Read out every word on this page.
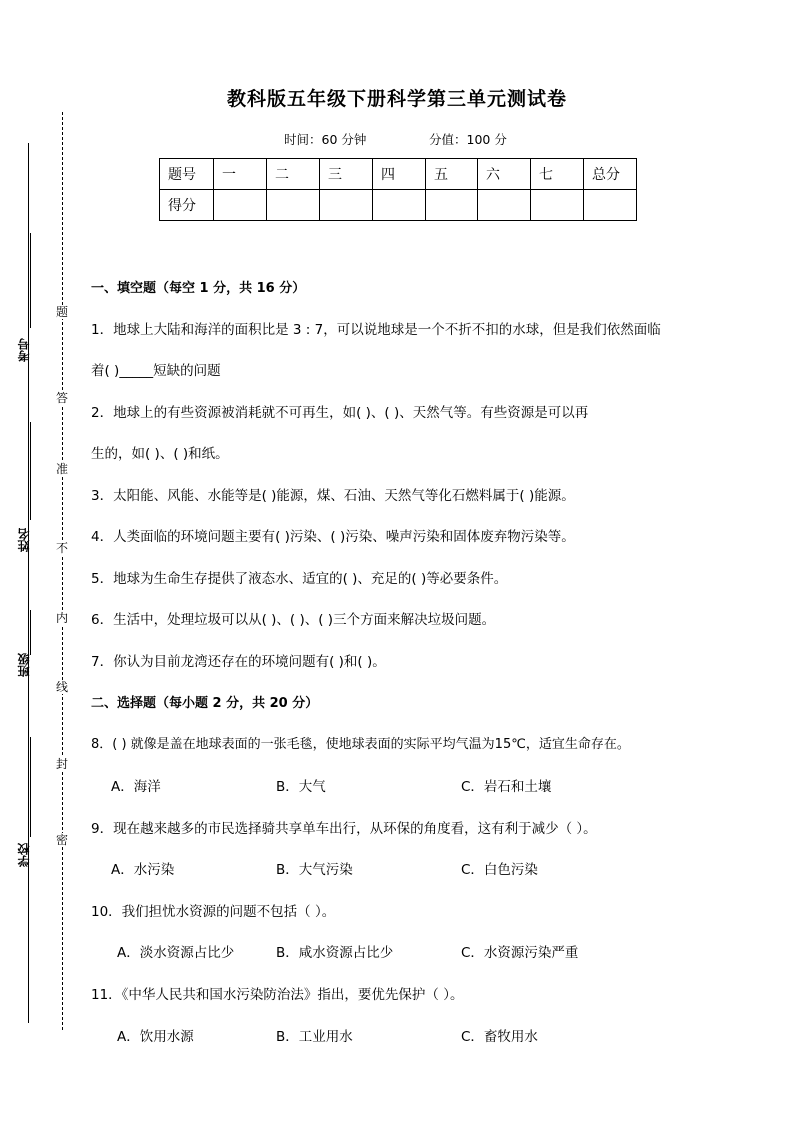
题
答
准
不
内
线
封
密
考号
姓名
班级
学校
教科版五年级下册科学第三单元测试卷
时间：60 分钟	分值：100 分
题号	一	二	三	四	五	六	七	总分
得分								
一、填空题（每空 1 分，共 16 分）
1．地球上大陆和海洋的面积比是 3 : 7，可以说地球是一个不折不扣的水球，但是我们依然面临
着( )_____短缺的问题
2．地球上的有些资源被消耗就不可再生，如( )、( )、天然气等。有些资源是可以再
生的，如( )、( )和纸。
3．太阳能、风能、水能等是( )能源，煤、石油、天然气等化石燃料属于( )能源。
4．人类面临的环境问题主要有( )污染、( )污染、噪声污染和固体废弃物污染等。
5．地球为生命生存提供了液态水、适宜的( )、充足的( )等必要条件。
6．生活中，处理垃圾可以从( )、( )、( )三个方面来解决垃圾问题。
7．你认为目前龙湾还存在的环境问题有( )和( )。
二、选择题（每小题 2 分，共 20 分）
8．( ) 就像是盖在地球表面的一张毛毯，使地球表面的实际平均气温为15℃，适宜生命存在。
A．海洋	B．大气	C．岩石和土壤
9．现在越来越多的市民选择骑共享单车出行，从环保的角度看，这有利于减少（ ）。
A．水污染	B．大气污染	C．白色污染
10．我们担忧水资源的问题不包括（ ）。
A．淡水资源占比少	B．咸水资源占比少	C．水资源污染严重
11．《中华人民共和国水污染防治法》指出，要优先保护（ ）。
A．饮用水源	B．工业用水	C．畜牧用水
